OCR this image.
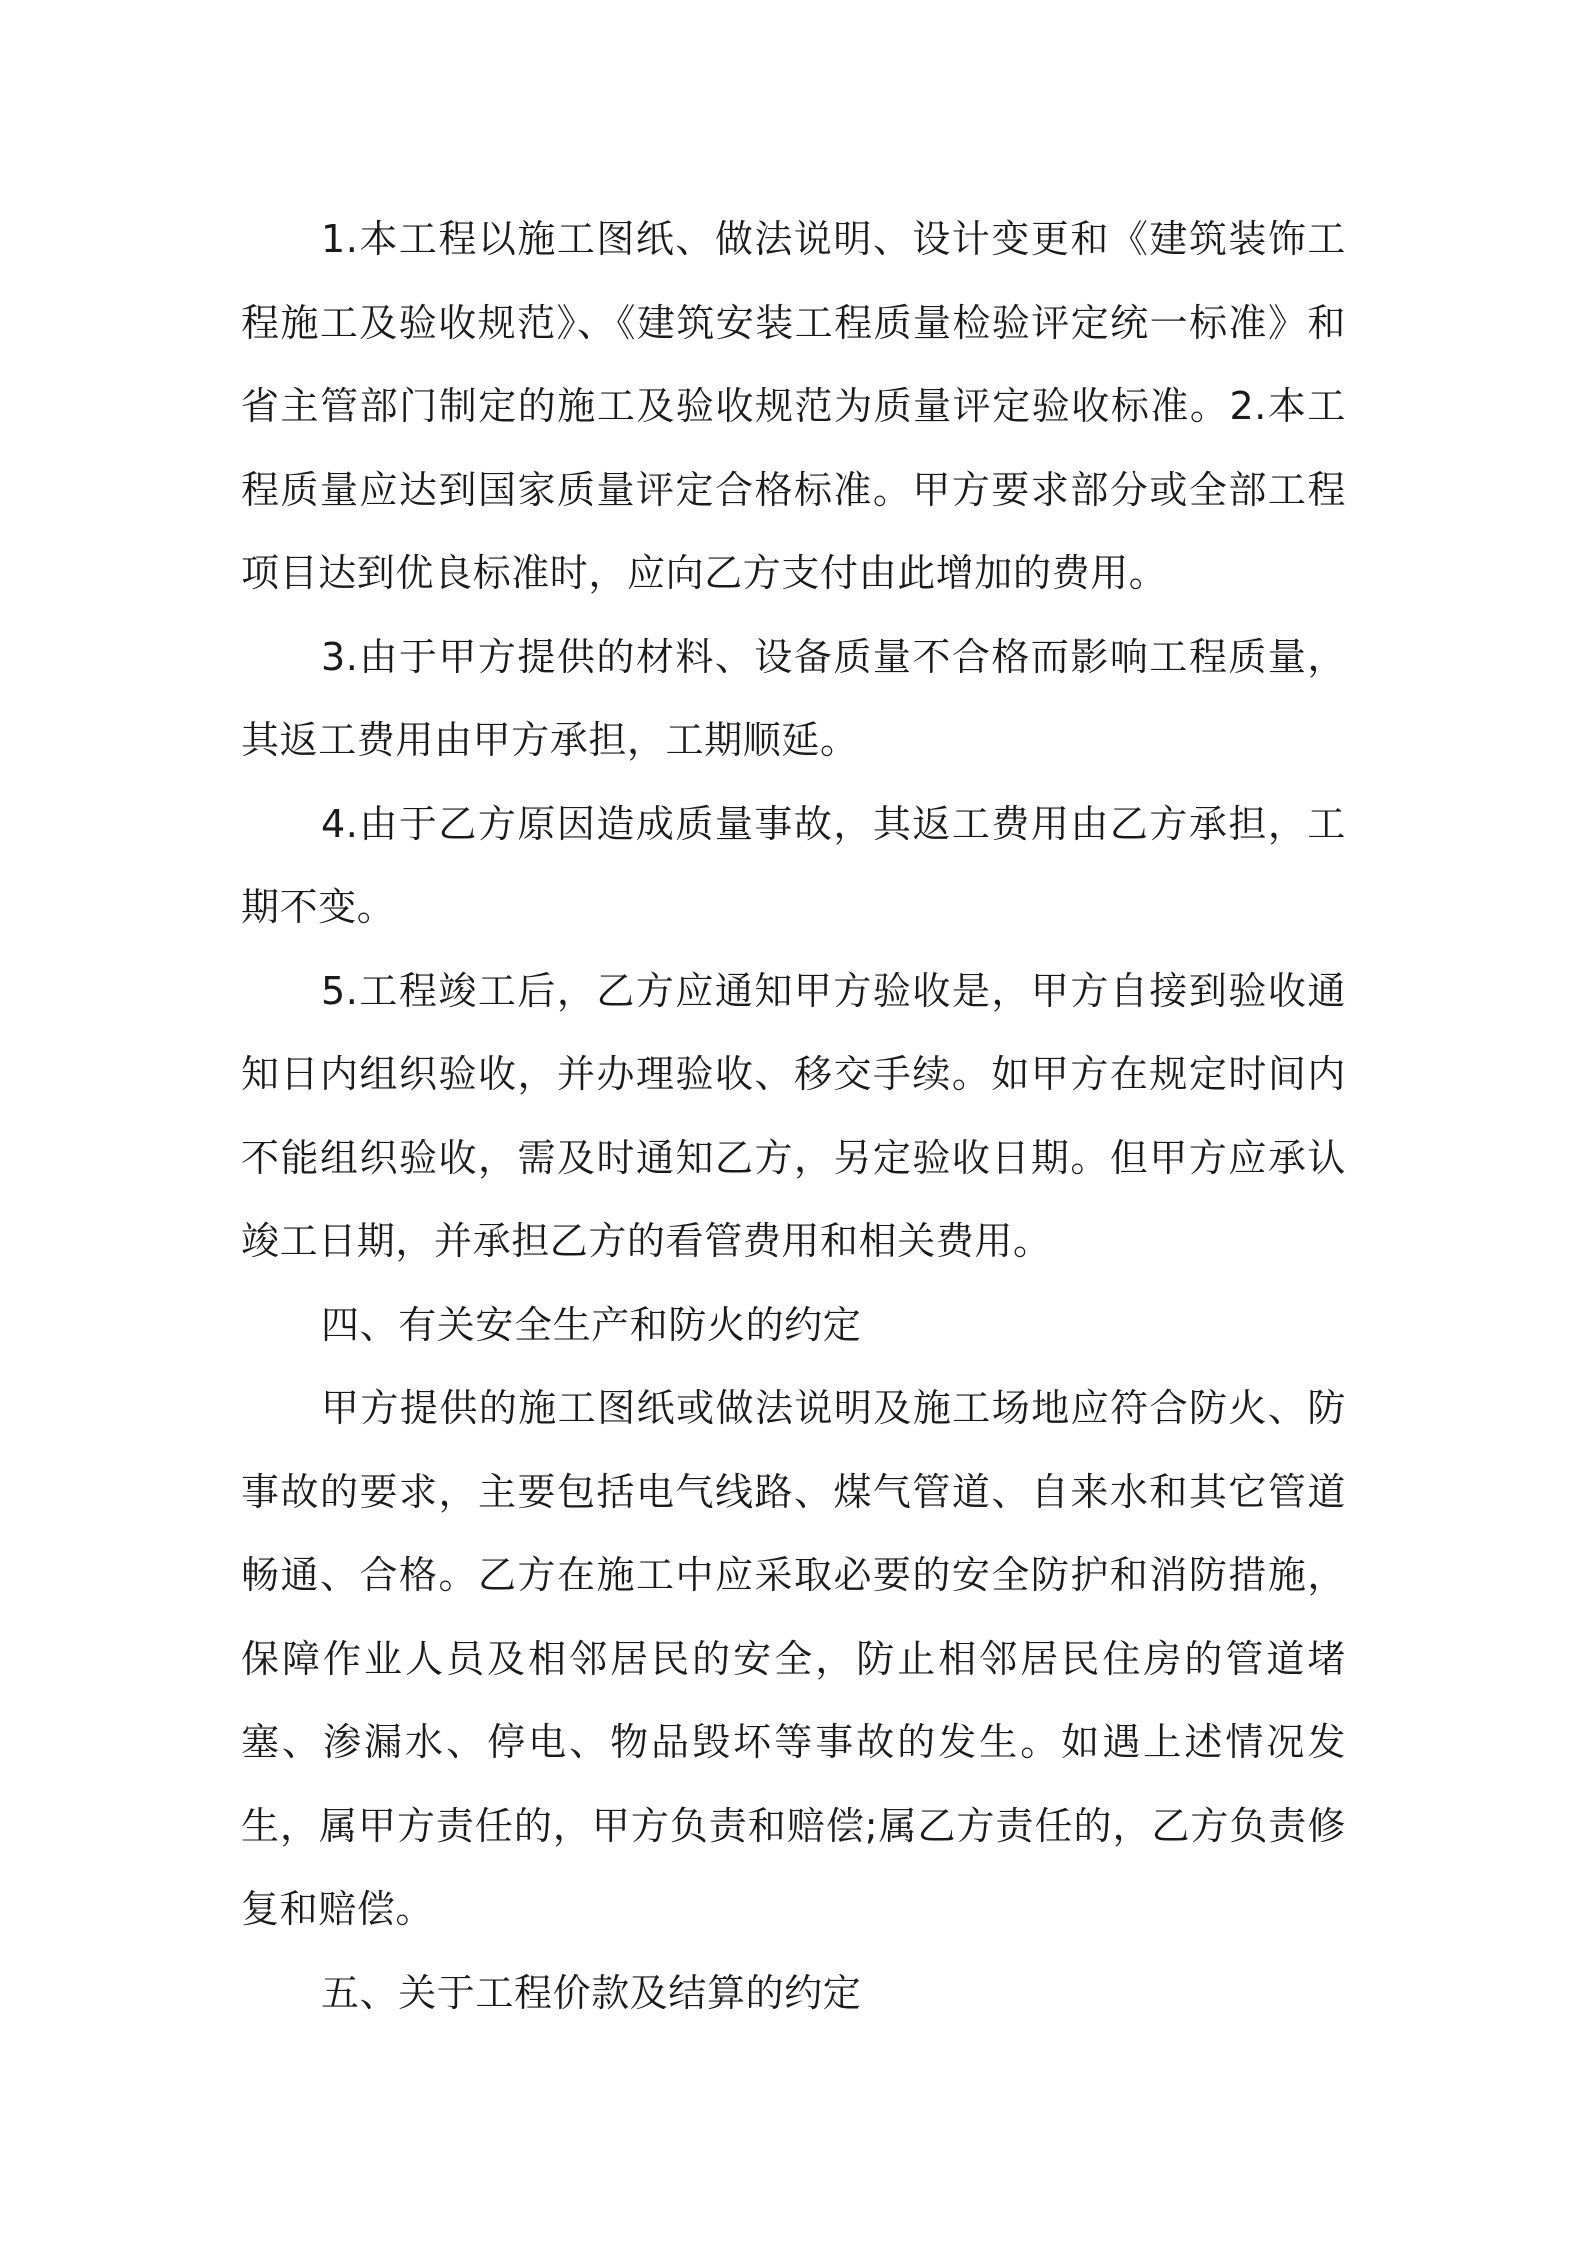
1.本工程以施工图纸、做法说明、设计变更和《建筑装饰工程施工及验收规范》、《建筑安装工程质量检验评定统一标准》和省主管部门制定的施工及验收规范为质量评定验收标准。2.本工程质量应达到国家质量评定合格标准。甲方要求部分或全部工程项目达到优良标准时，应向乙方支付由此增加的费用。

3.由于甲方提供的材料、设备质量不合格而影响工程质量，其返工费用由甲方承担，工期顺延。

4.由于乙方原因造成质量事故，其返工费用由乙方承担，工期不变。

5.工程竣工后，乙方应通知甲方验收是，甲方自接到验收通知日内组织验收，并办理验收、移交手续。如甲方在规定时间内不能组织验收，需及时通知乙方，另定验收日期。但甲方应承认竣工日期，并承担乙方的看管费用和相关费用。

四、有关安全生产和防火的约定

甲方提供的施工图纸或做法说明及施工场地应符合防火、防事故的要求，主要包括电气线路、煤气管道、自来水和其它管道畅通、合格。乙方在施工中应采取必要的安全防护和消防措施，保障作业人员及相邻居民的安全，防止相邻居民住房的管道堵塞、渗漏水、停电、物品毁坏等事故的发生。如遇上述情况发生，属甲方责任的，甲方负责和赔偿;属乙方责任的，乙方负责修复和赔偿。

五、关于工程价款及结算的约定
